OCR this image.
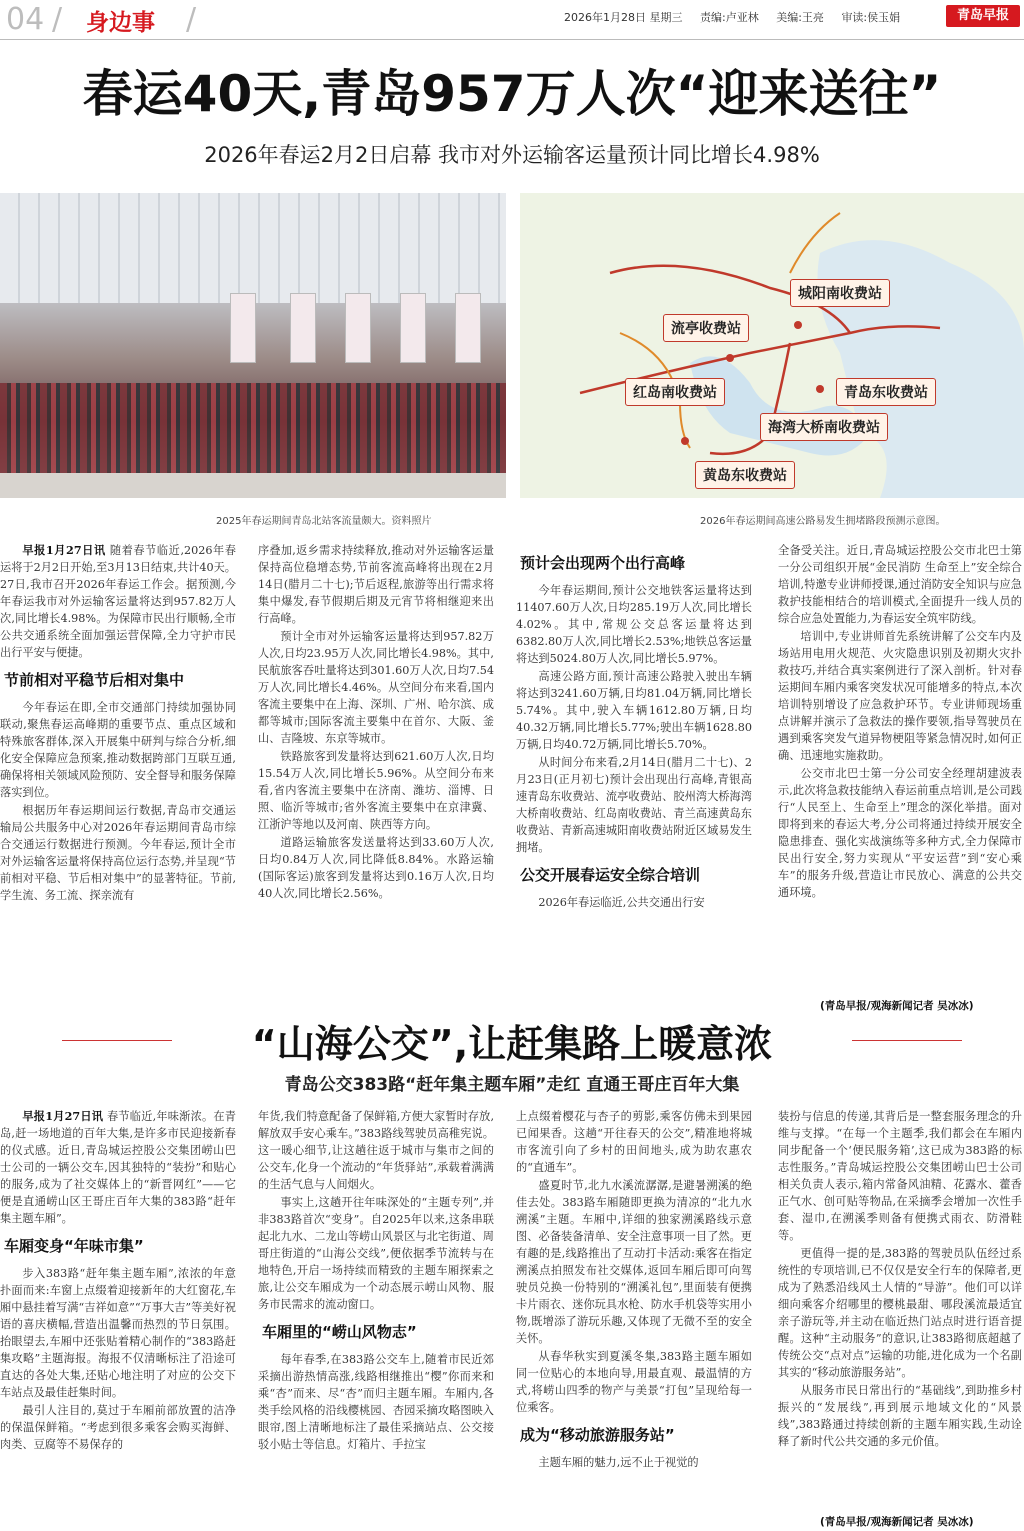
04 / 身边事 /	2026年1月28日 星期三 责编:卢亚林 美编:王亮 审读:侯玉娟	青岛早报
春运40天,青岛957万人次“迎来送往”
2026年春运2月2日启幕 我市对外运输客运量预计同比增长4.98%
城阳南收费站
流亭收费站
红岛南收费站	青岛东收费站
海湾大桥南收费站
黄岛东收费站
2025年春运期间青岛北站客流量颇大。资料照片	2026年春运期间高速公路易发生拥堵路段预测示意图。

早报1月27日讯 随着春节临近,2026年春运将于2月2日开始,至3月13日结束,共计40天。27日,我市召开2026年春运工作会。据预测,今年春运我市对外运输客运量将达到957.82万人次,同比增长4.98%。为保障市民出行顺畅,全市公共交通系统全面加强运营保障,全力守护市民出行平安与便捷。

节前相对平稳节后相对集中

今年春运在即,全市交通部门持续加强协同联动,聚焦春运高峰期的重要节点、重点区域和特殊旅客群体,深入开展集中研判与综合分析,细化安全保障应急预案,推动数据跨部门互联互通,确保将相关领域风险预防、安全督导和服务保障落实到位。

根据历年春运期间运行数据,青岛市交通运输局公共服务中心对2026年春运期间青岛市综合交通运行数据进行预测。今年春运,预计全市对外运输客运量将保持高位运行态势,并呈现“节前相对平稳、节后相对集中”的显著特征。节前,学生流、务工流、探亲流有

序叠加,返乡需求持续释放,推动对外运输客运量保持高位稳增态势,节前客流高峰将出现在2月14日(腊月二十七);节后返程,旅游等出行需求将集中爆发,春节假期后期及元宵节将相继迎来出行高峰。

预计全市对外运输客运量将达到957.82万人次,日均23.95万人次,同比增长4.98%。其中,民航旅客吞吐量将达到301.60万人次,日均7.54万人次,同比增长4.46%。从空间分布来看,国内客流主要集中在上海、深圳、广州、哈尔滨、成都等城市;国际客流主要集中在首尔、大阪、釜山、吉隆坡、东京等城市。

铁路旅客到发量将达到621.60万人次,日均15.54万人次,同比增长5.96%。从空间分布来看,省内客流主要集中在济南、潍坊、淄博、日照、临沂等城市;省外客流主要集中在京津冀、江浙沪等地以及河南、陕西等方向。

道路运输旅客发送量将达到33.60万人次,日均0.84万人次,同比降低8.84%。水路运输(国际客运)旅客到发量将达到0.16万人次,日均40人次,同比增长2.56%。

预计会出现两个出行高峰

今年春运期间,预计公交地铁客运量将达到11407.60万人次,日均285.19万人次,同比增长4.02%。其中,常规公交总客运量将达到6382.80万人次,同比增长2.53%;地铁总客运量将达到5024.80万人次,同比增长5.97%。

高速公路方面,预计高速公路驶入驶出车辆将达到3241.60万辆,日均81.04万辆,同比增长5.74%。其中,驶入车辆1612.80万辆,日均40.32万辆,同比增长5.77%;驶出车辆1628.80万辆,日均40.72万辆,同比增长5.70%。

从时间分布来看,2月14日(腊月二十七)、2月23日(正月初七)预计会出现出行高峰,青银高速青岛东收费站、流亭收费站、胶州湾大桥海湾大桥南收费站、红岛南收费站、青兰高速黄岛东收费站、青新高速城阳南收费站附近区域易发生拥堵。

公交开展春运安全综合培训

2026年春运临近,公共交通出行安

全备受关注。近日,青岛城运控股公交市北巴士第一分公司组织开展“金民消防 生命至上”安全综合培训,特邀专业讲师授课,通过消防安全知识与应急救护技能相结合的培训模式,全面提升一线人员的综合应急处置能力,为春运安全筑牢防线。

培训中,专业讲师首先系统讲解了公交车内及场站用电用火规范、火灾隐患识别及初期火灾扑救技巧,并结合真实案例进行了深入剖析。针对春运期间车厢内乘客突发状况可能增多的特点,本次培训特别增设了应急救护环节。专业讲师现场重点讲解并演示了急救法的操作要领,指导驾驶员在遇到乘客突发气道异物梗阻等紧急情况时,如何正确、迅速地实施救助。

公交市北巴士第一分公司安全经理胡建波表示,此次将急救技能纳入春运前重点培训,是公司践行“人民至上、生命至上”理念的深化举措。面对即将到来的春运大考,分公司将通过持续开展安全隐患排查、强化实战演练等多种方式,全力保障市民出行安全,努力实现从“平安运营”到“安心乘车”的服务升级,营造让市民放心、满意的公共交通环境。

(青岛早报/观海新闻记者 吴冰冰)
“山海公交”,让赶集路上暖意浓
青岛公交383路“赶年集主题车厢”走红 直通王哥庄百年大集

早报1月27日讯 春节临近,年味渐浓。在青岛,赶一场地道的百年大集,是许多市民迎接新春的仪式感。近日,青岛城运控股公交集团崂山巴士公司的一辆公交车,因其独特的“装扮”和贴心的服务,成为了社交媒体上的“新晋网红”——它便是直通崂山区王哥庄百年大集的383路“赶年集主题车厢”。

车厢变身“年味市集”

步入383路“赶年集主题车厢”,浓浓的年意扑面而来:车窗上点缀着迎接新年的大红窗花,车厢中悬挂着写满“吉祥如意”“万事大吉”等美好祝语的喜庆横幅,营造出温馨而热烈的节日氛围。抬眼望去,车厢中还张贴着精心制作的“383路赶集攻略”主题海报。海报不仅清晰标注了沿途可直达的各处大集,还贴心地注明了对应的公交下车站点及最佳赶集时间。

最引人注目的,莫过于车厢前部放置的洁净的保温保鲜箱。“考虑到很多乘客会购买海鲜、肉类、豆腐等不易保存的

年货,我们特意配备了保鲜箱,方便大家暂时存放,解放双手安心乘车。”383路线驾驶员高稚宪说。这一暖心细节,让这趟往返于城市与集市之间的公交车,化身一个流动的“年货驿站”,承载着满满的生活气息与人间烟火。

事实上,这趟开往年味深处的“主题专列”,并非383路首次“变身”。自2025年以来,这条串联起北九水、二龙山等崂山风景区与北宅街道、周哥庄街道的“山海公交线”,便依据季节流转与在地特色,开启一场持续而精致的主题车厢探索之旅,让公交车厢成为一个动态展示崂山风物、服务市民需求的流动窗口。

车厢里的“崂山风物志”

每年春季,在383路公交车上,随着市民近郊采摘出游热情高涨,线路相继推出“樱”你而来和乘“杏”而来、尽“杏”而归主题车厢。车厢内,各类手绘风格的沿线樱桃园、杏园采摘攻略图映入眼帘,图上清晰地标注了最佳采摘站点、公交接驳小贴士等信息。灯箱片、手拉宝

上点缀着樱花与杏子的剪影,乘客仿佛未到果园已闻果香。这趟“开往春天的公交”,精准地将城市客流引向了乡村的田间地头,成为助农惠农的“直通车”。

盛夏时节,北九水溪流潺潺,是避暑溯溪的绝佳去处。383路车厢随即更换为清凉的“北九水溯溪”主题。车厢中,详细的独家溯溪路线示意图、必备装备清单、安全注意事项一目了然。更有趣的是,线路推出了互动打卡活动:乘客在指定溯溪点拍照发布社交媒体,返回车厢后即可向驾驶员兑换一份特别的“溯溪礼包”,里面装有便携卡片雨衣、迷你玩具水枪、防水手机袋等实用小物,既增添了游玩乐趣,又体现了无微不至的安全关怀。

从春华秋实到夏溪冬集,383路主题车厢如同一位贴心的本地向导,用最直观、最温情的方式,将崂山四季的物产与美景“打包”呈现给每一位乘客。

成为“移动旅游服务站”

主题车厢的魅力,远不止于视觉的

装扮与信息的传递,其背后是一整套服务理念的升维与支撑。“在每一个主题季,我们都会在车厢内同步配备一个‘便民服务箱’,这已成为383路的标志性服务。”青岛城运控股公交集团崂山巴士公司相关负责人表示,箱内常备风油精、花露水、藿香正气水、创可贴等物品,在采摘季会增加一次性手套、湿巾,在溯溪季则备有便携式雨衣、防滑鞋等。

更值得一提的是,383路的驾驶员队伍经过系统性的专项培训,已不仅仅是安全行车的保障者,更成为了熟悉沿线风土人情的“导游”。他们可以详细向乘客介绍哪里的樱桃最甜、哪段溪流最适宜亲子游玩等,并主动在临近热门站点时进行语音提醒。这种“主动服务”的意识,让383路彻底超越了传统公交“点对点”运输的功能,进化成为一个名副其实的“移动旅游服务站”。

从服务市民日常出行的“基础线”,到助推乡村振兴的“发展线”,再到展示地域文化的“风景线”,383路通过持续创新的主题车厢实践,生动诠释了新时代公共交通的多元价值。

(青岛早报/观海新闻记者 吴冰冰)
